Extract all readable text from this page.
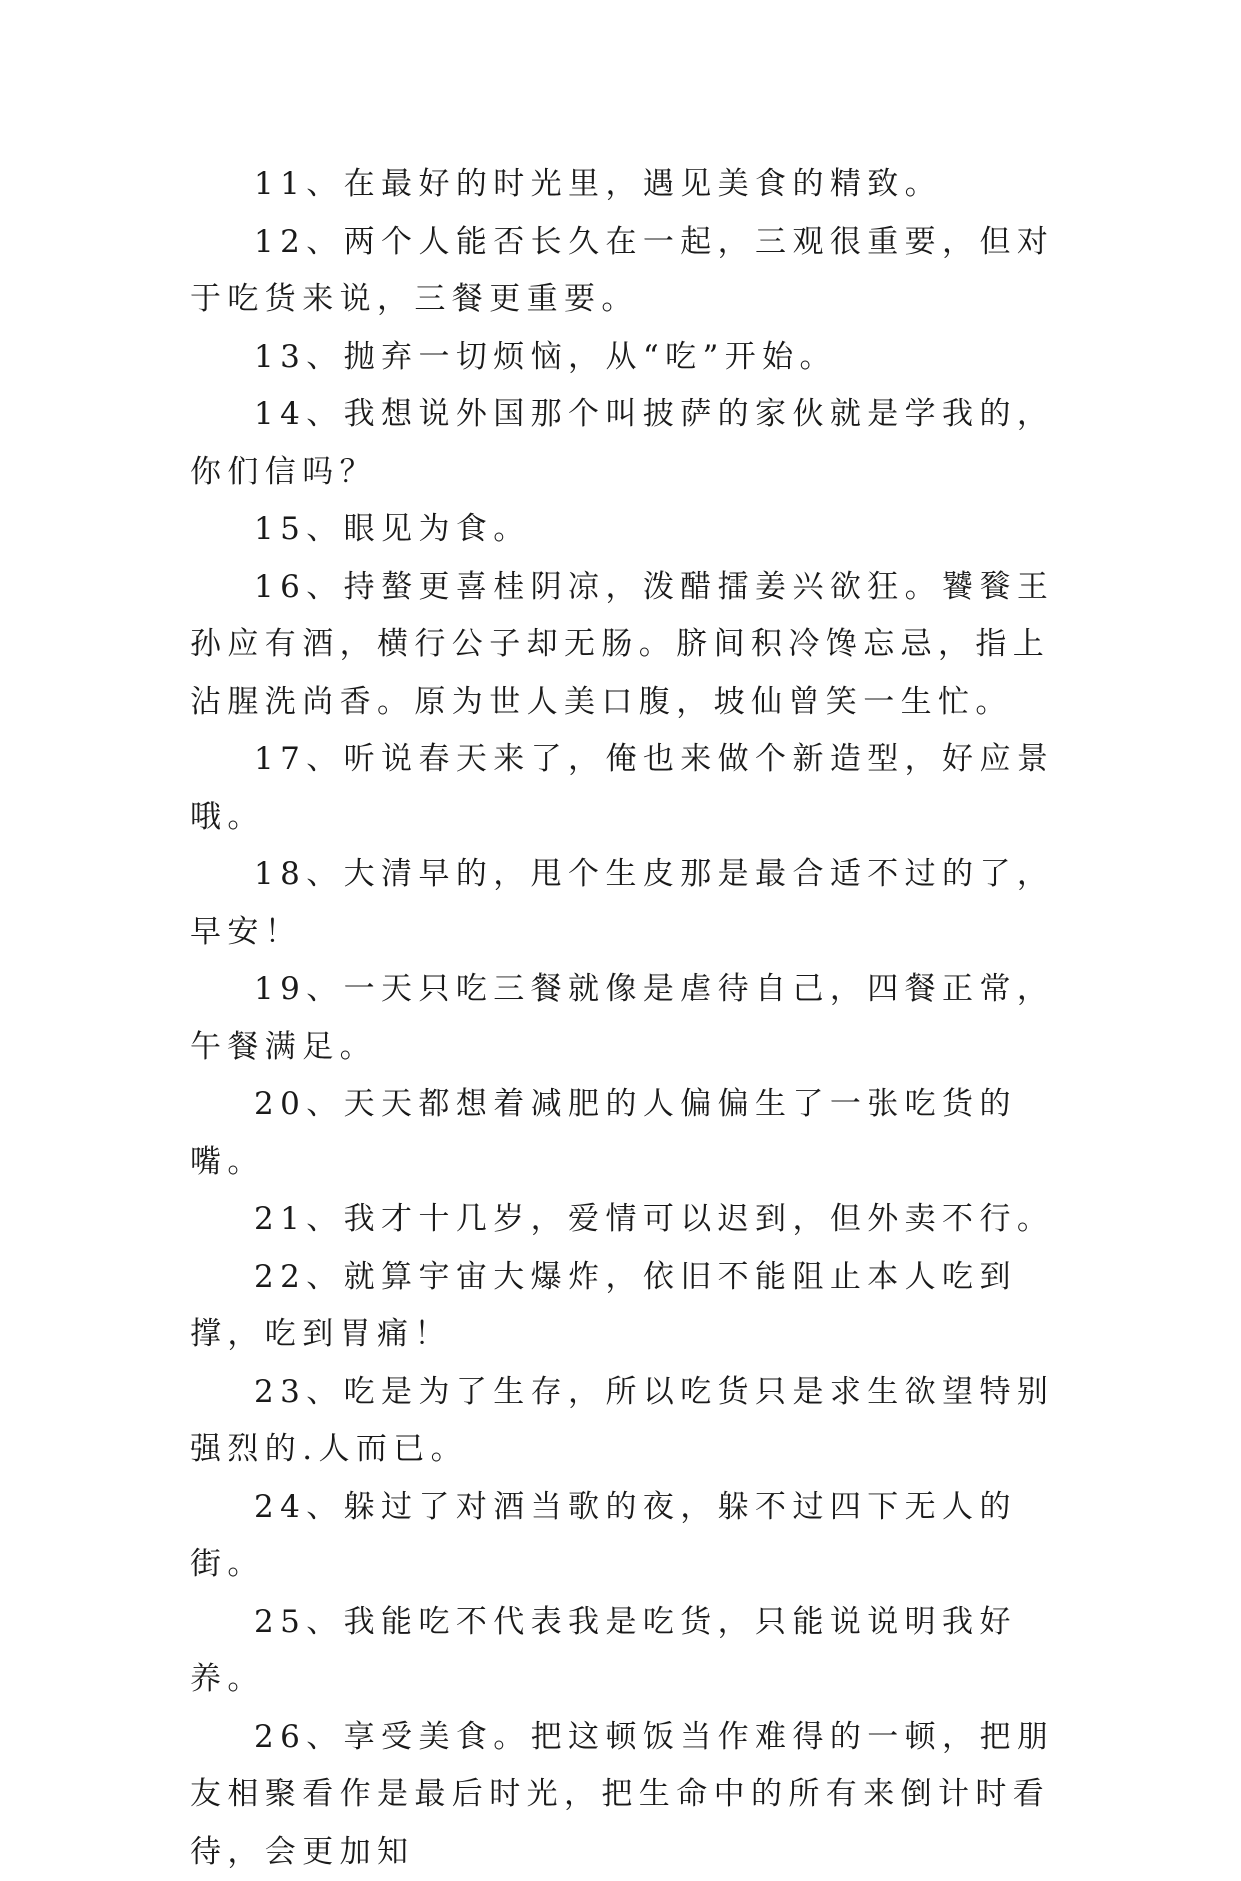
11、在最好的时光里，遇见美食的精致。

12、两个人能否长久在一起，三观很重要，但对于吃货来说，三餐更重要。

13、抛弃一切烦恼，从“吃”开始。

14、我想说外国那个叫披萨的家伙就是学我的，你们信吗？

15、眼见为食。

16、持螯更喜桂阴凉，泼醋擂姜兴欲狂。饕餮王孙应有酒，横行公子却无肠。脐间积冷馋忘忌，指上沾腥洗尚香。原为世人美口腹，坡仙曾笑一生忙。

17、听说春天来了，俺也来做个新造型，好应景哦。

18、大清早的，甩个生皮那是最合适不过的了，早安！

19、一天只吃三餐就像是虐待自己，四餐正常，午餐满足。

20、天天都想着减肥的人偏偏生了一张吃货的嘴。

21、我才十几岁，爱情可以迟到，但外卖不行。

22、就算宇宙大爆炸，依旧不能阻止本人吃到撑，吃到胃痛！

23、吃是为了生存，所以吃货只是求生欲望特别强烈的.人而已。

24、躲过了对酒当歌的夜，躲不过四下无人的街。

25、我能吃不代表我是吃货，只能说说明我好养。

26、享受美食。把这顿饭当作难得的一顿，把朋友相聚看作是最后时光，把生命中的所有来倒计时看待，会更加知
